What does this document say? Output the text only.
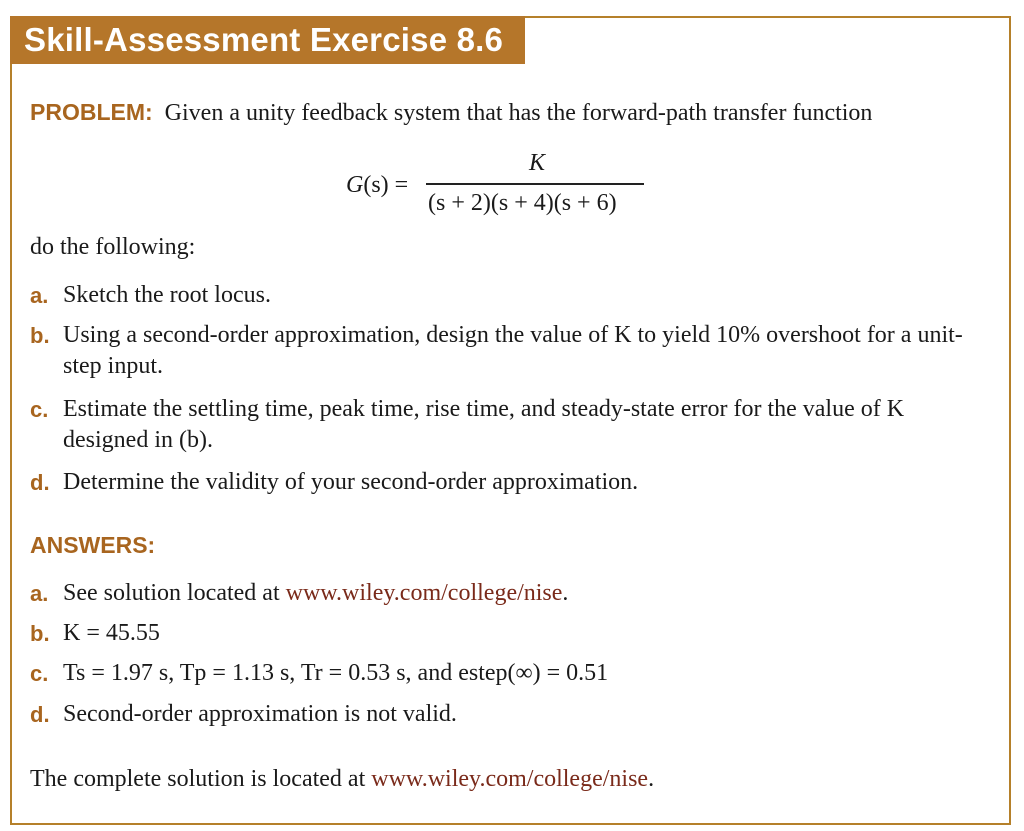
Skill-Assessment Exercise 8.6
PROBLEM: Given a unity feedback system that has the forward-path transfer function
G(s) =
K
(s + 2)(s + 4)(s + 6)
do the following:
a. Sketch the root locus.
b. Using a second-order approximation, design the value of K to yield 10% overshoot for a unit-step input.
c. Estimate the settling time, peak time, rise time, and steady-state error for the value of K designed in (b).
d. Determine the validity of your second-order approximation.
ANSWERS:
a. See solution located at www.wiley.com/college/nise.
b. K = 45.55
c. Ts = 1.97 s, Tp = 1.13 s, Tr = 0.53 s, and estep(∞) = 0.51
d. Second-order approximation is not valid.
The complete solution is located at www.wiley.com/college/nise.
